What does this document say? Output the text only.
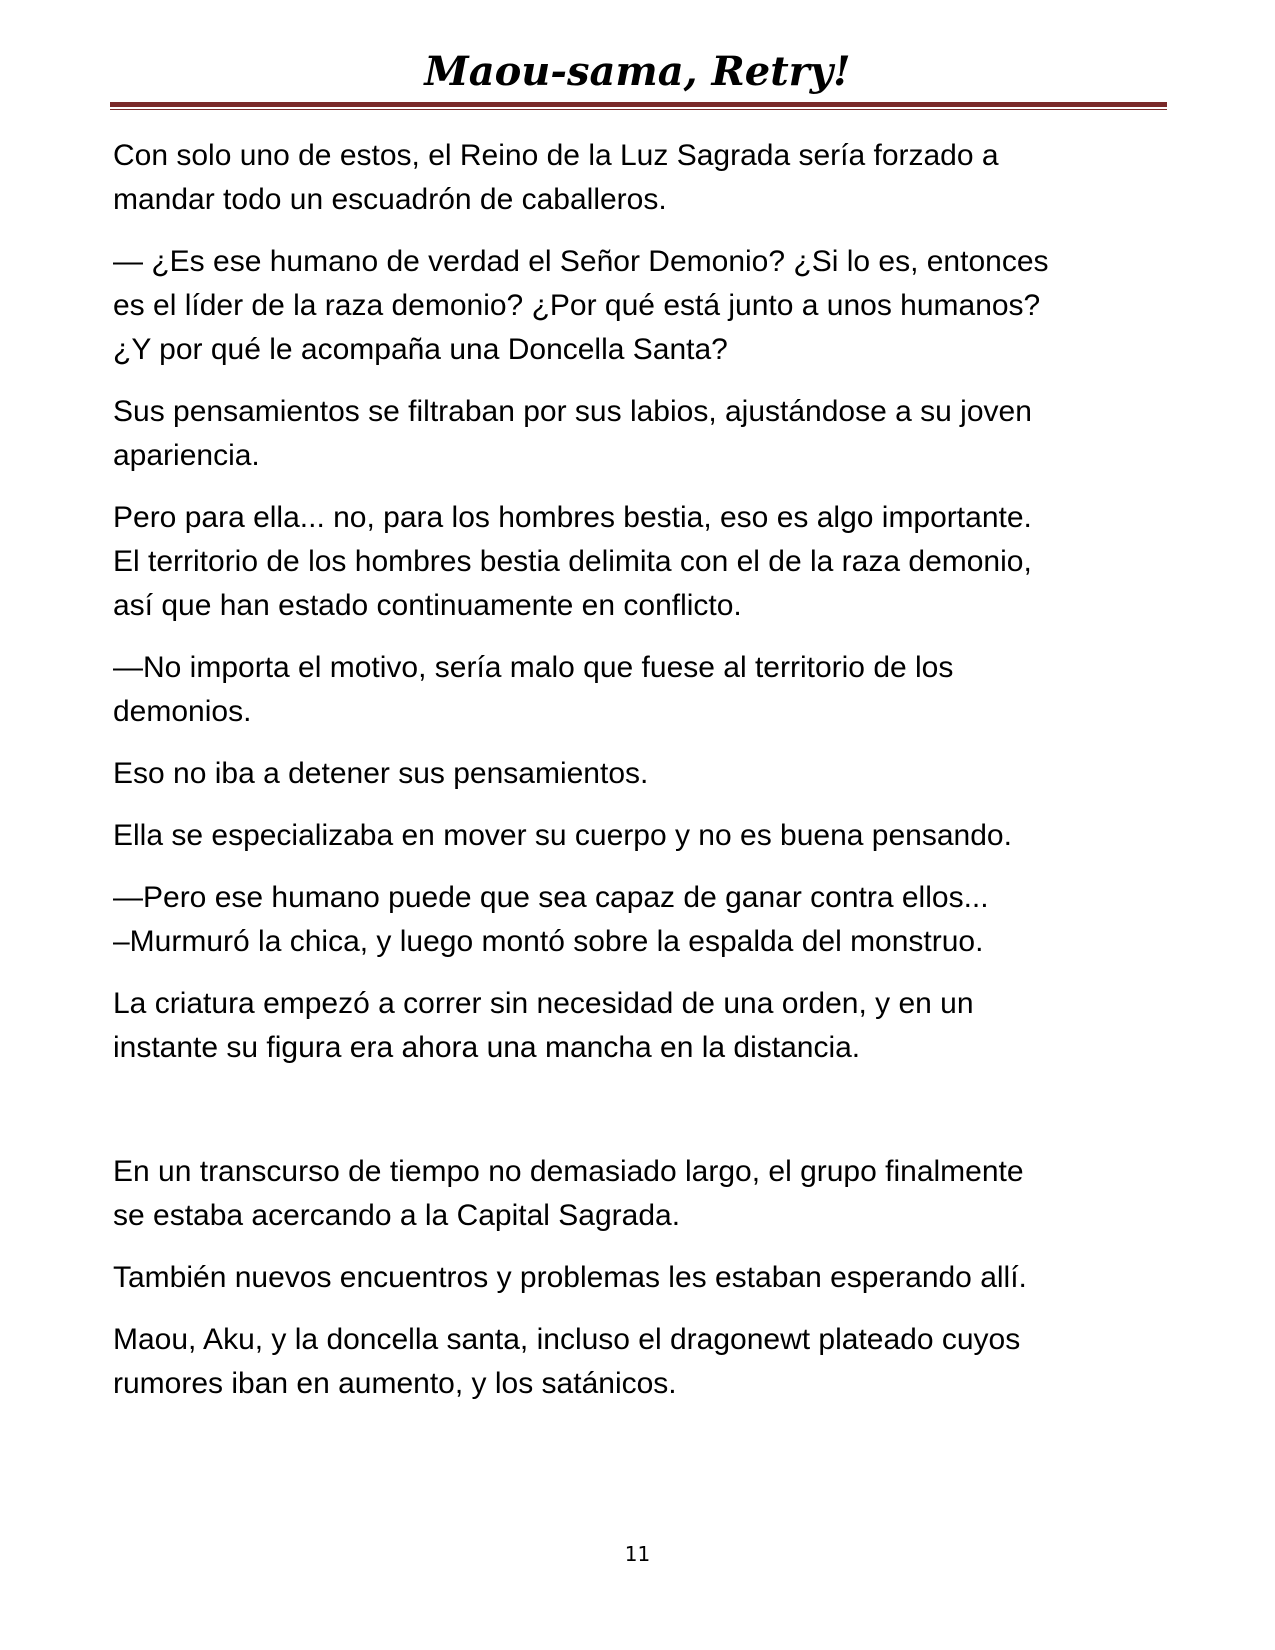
Maou-sama, Retry!

Con solo uno de estos, el Reino de la Luz Sagrada sería forzado a
mandar todo un escuadrón de caballeros.

— ¿Es ese humano de verdad el Señor Demonio? ¿Si lo es, entonces
es el líder de la raza demonio? ¿Por qué está junto a unos humanos?
¿Y por qué le acompaña una Doncella Santa?

Sus pensamientos se filtraban por sus labios, ajustándose a su joven
apariencia.

Pero para ella... no, para los hombres bestia, eso es algo importante.
El territorio de los hombres bestia delimita con el de la raza demonio,
así que han estado continuamente en conflicto.

—No importa el motivo, sería malo que fuese al territorio de los
demonios.

Eso no iba a detener sus pensamientos.

Ella se especializaba en mover su cuerpo y no es buena pensando.

—Pero ese humano puede que sea capaz de ganar contra ellos...
–Murmuró la chica, y luego montó sobre la espalda del monstruo.

La criatura empezó a correr sin necesidad de una orden, y en un
instante su figura era ahora una mancha en la distancia.

En un transcurso de tiempo no demasiado largo, el grupo finalmente
se estaba acercando a la Capital Sagrada.

También nuevos encuentros y problemas les estaban esperando allí.

Maou, Aku, y la doncella santa, incluso el dragonewt plateado cuyos
rumores iban en aumento, y los satánicos.

11
